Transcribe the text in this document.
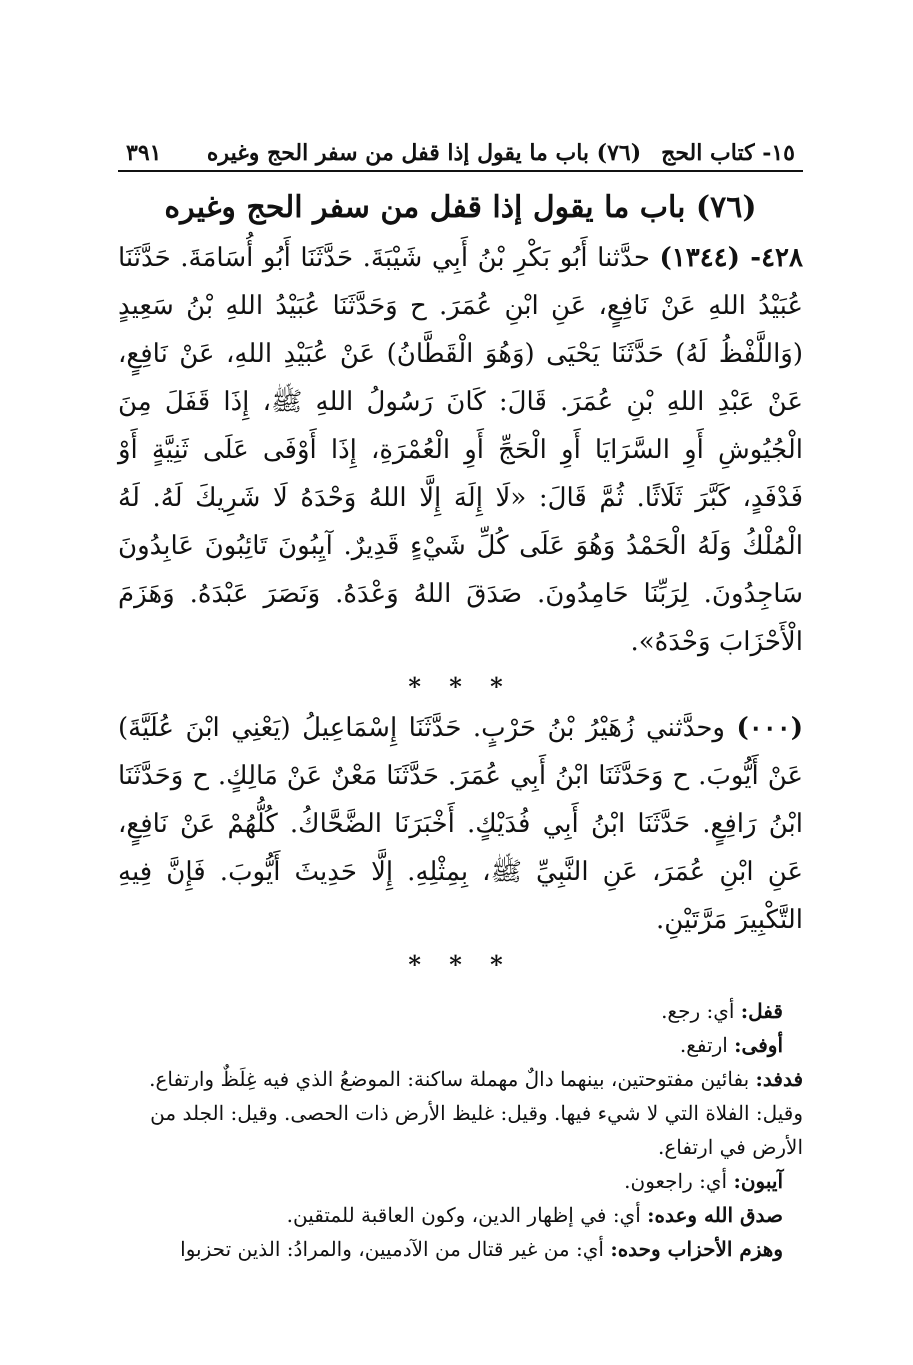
١٥- كتاب الحج
(٧٦) باب ما يقول إذا قفل من سفر الحج وغيره
٣٩١
(٧٦) باب ما يقول إذا قفل من سفر الحج وغيره

٤٢٨- (١٣٤٤) حدَّثنا أَبُو بَكْرِ بْنُ أَبِي شَيْبَةَ. حَدَّثَنَا أَبُو أُسَامَةَ. حَدَّثَنَا عُبَيْدُ اللهِ عَنْ نَافِعٍ، عَنِ ابْنِ عُمَرَ. ح وَحَدَّثَنَا عُبَيْدُ اللهِ بْنُ سَعِيدٍ (وَاللَّفْظُ لَهُ) حَدَّثَنَا يَحْيَى (وَهُوَ الْقَطَّانُ) عَنْ عُبَيْدِ اللهِ، عَنْ نَافِعٍ، عَنْ عَبْدِ اللهِ بْنِ عُمَرَ. قَالَ: كَانَ رَسُولُ اللهِ ﷺ، إِذَا قَفَلَ مِنَ الْجُيُوشِ أَوِ السَّرَايَا أَوِ الْحَجِّ أَوِ الْعُمْرَةِ، إِذَا أَوْفَى عَلَى ثَنِيَّةٍ أَوْ فَدْفَدٍ، كَبَّرَ ثَلَاثًا. ثُمَّ قَالَ: «لَا إِلَهَ إِلَّا اللهُ وَحْدَهُ لَا شَرِيكَ لَهُ. لَهُ الْمُلْكُ وَلَهُ الْحَمْدُ وَهُوَ عَلَى كُلِّ شَيْءٍ قَدِيرٌ. آيِبُونَ تَائِبُونَ عَابِدُونَ سَاجِدُونَ. لِرَبِّنَا حَامِدُونَ. صَدَقَ اللهُ وَعْدَهُ. وَنَصَرَ عَبْدَهُ. وَهَزَمَ الْأَحْزَابَ وَحْدَهُ».

* * *

(٠٠٠) وحدَّثني زُهَيْرُ بْنُ حَرْبٍ. حَدَّثَنَا إِسْمَاعِيلُ (يَعْنِي ابْنَ عُلَيَّةَ) عَنْ أَيُّوبَ. ح وَحَدَّثَنَا ابْنُ أَبِي عُمَرَ. حَدَّثَنَا مَعْنٌ عَنْ مَالِكٍ. ح وَحَدَّثَنَا ابْنُ رَافِعٍ. حَدَّثَنَا ابْنُ أَبِي فُدَيْكٍ. أَخْبَرَنَا الضَّحَّاكُ. كُلُّهُمْ عَنْ نَافِعٍ، عَنِ ابْنِ عُمَرَ، عَنِ النَّبِيِّ ﷺ، بِمِثْلِهِ. إِلَّا حَدِيثَ أَيُّوبَ. فَإِنَّ فِيهِ التَّكْبِيرَ مَرَّتَيْنِ.

* * *

قفل: أي: رجع.

أوفى: ارتفع.

فدفد: بفائين مفتوحتين، بينهما دالٌ مهملة ساكنة: الموضعُ الذي فيه غِلَظٌ وارتفاع. وقيل: الفلاة التي لا شيء فيها. وقيل: غليظ الأرض ذات الحصى. وقيل: الجلد من الأرض في ارتفاع.

آيبون: أي: راجعون.

صدق الله وعده: أي: في إظهار الدين، وكون العاقبة للمتقين.

وهزم الأحزاب وحده: أي: من غير قتال من الآدميين، والمرادُ: الذين تحزبوا
